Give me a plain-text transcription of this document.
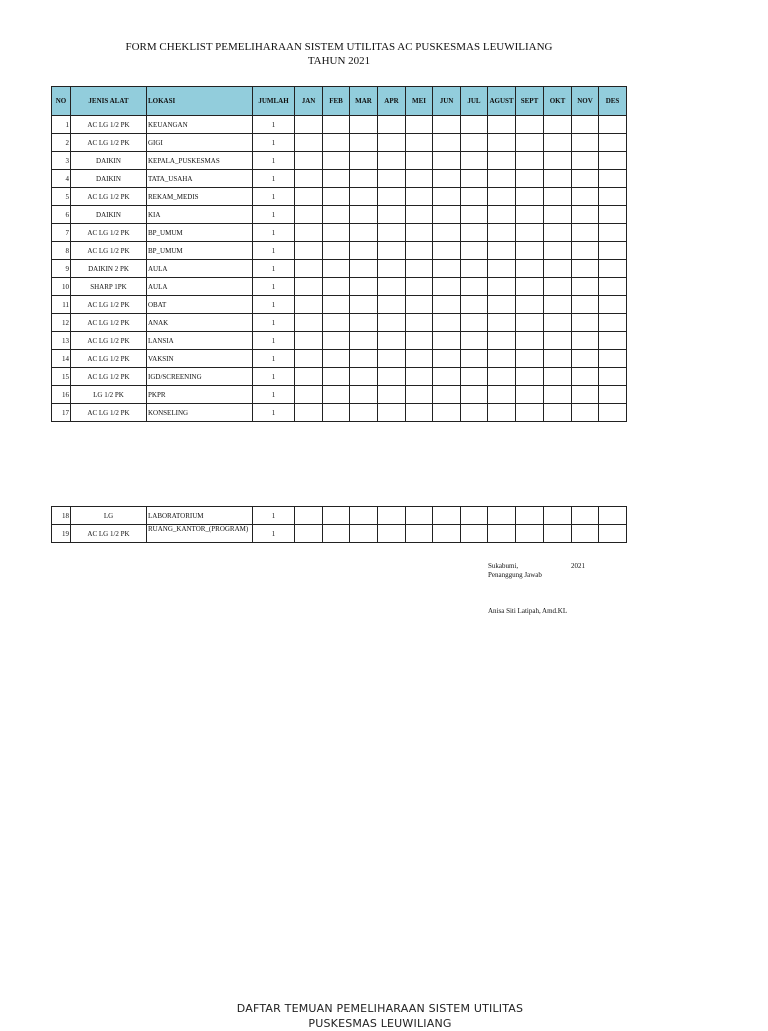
FORM CHEKLIST PEMELIHARAAN SISTEM UTILITAS AC PUSKESMAS LEUWILIANG
TAHUN 2021
NO	JENIS ALAT	LOKASI	JUMLAH	JAN	FEB	MAR	APR	MEI	JUN	JUL	AGUST	SEPT	OKT	NOV	DES
1	AC LG 1/2 PK	KEUANGAN	1												
2	AC LG 1/2 PK	GIGI	1												
3	DAIKIN	KEPALA_PUSKESMAS	1												
4	DAIKIN	TATA_USAHA	1												
5	AC LG 1/2 PK	REKAM_MEDIS	1												
6	DAIKIN	KIA	1												
7	AC LG 1/2 PK	BP_UMUM	1												
8	AC LG 1/2 PK	BP_UMUM	1												
9	DAIKIN 2 PK	AULA	1												
10	SHARP 1PK	AULA	1												
11	AC LG 1/2 PK	OBAT	1												
12	AC LG 1/2 PK	ANAK	1												
13	AC LG 1/2 PK	LANSIA	1												
14	AC LG 1/2 PK	VAKSIN	1												
15	AC LG 1/2 PK	IGD/SCREENING	1												
16	LG 1/2 PK	PKPR	1												
17	AC LG 1/2 PK	KONSELING	1												
18	LG	LABORATORIUM	1												
19	AC LG 1/2 PK	RUANG_KANTOR_(PROGRAM)	1												
Sukabumi,	2021
Penanggung Jawab
Anisa Siti Latipah, Amd.KL
DAFTAR TEMUAN PEMELIHARAAN SISTEM UTILITAS
PUSKESMAS LEUWILIANG
